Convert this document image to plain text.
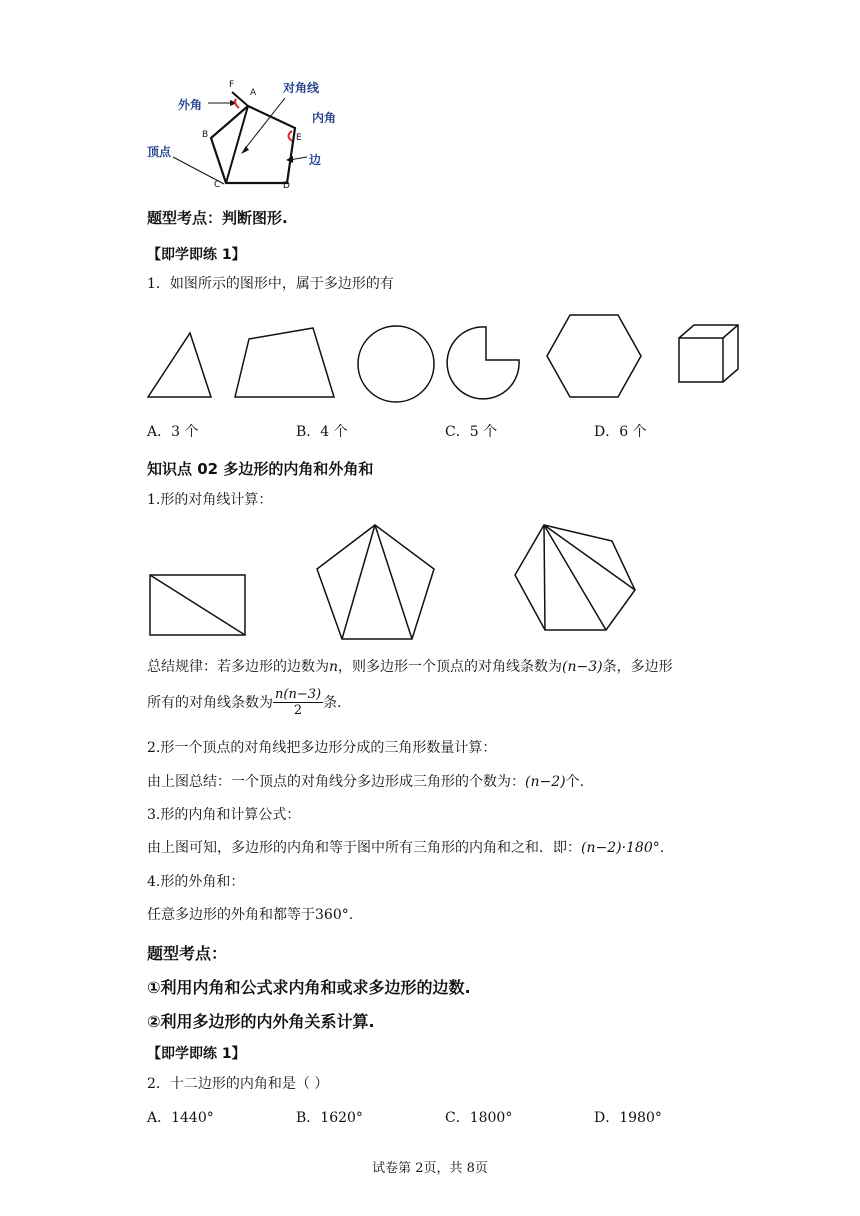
F
A
B	E
C	D
外角
对角线
内角
顶点
边
题型考点：判断图形.
【即学即练 1】
1．如图所示的图形中，属于多边形的有
A．3 个	B．4 个	C．5 个	D．6 个
知识点 02 多边形的内角和外角和
1.形的对角线计算：
总结规律：若多边形的边数为n，则多边形一个顶点的对角线条数为(n−3)条，多边形
所有的对角线条数为 $\frac{n(n-3)}{2}$ 条.
2.形一个顶点的对角线把多边形分成的三角形数量计算：
由上图总结：一个顶点的对角线分多边形成三角形的个数为：(n−2)个.
3.形的内角和计算公式：
由上图可知，多边形的内角和等于图中所有三角形的内角和之和．即：(n−2)·180°.
4.形的外角和：
任意多边形的外角和都等于360°.
题型考点：
①利用内角和公式求内角和或求多边形的边数.
②利用多边形的内外角关系计算.
【即学即练 1】
2．十二边形的内角和是（ ）
A．1440°	B．1620°	C．1800°	D．1980°
试卷第 2页，共 8页
